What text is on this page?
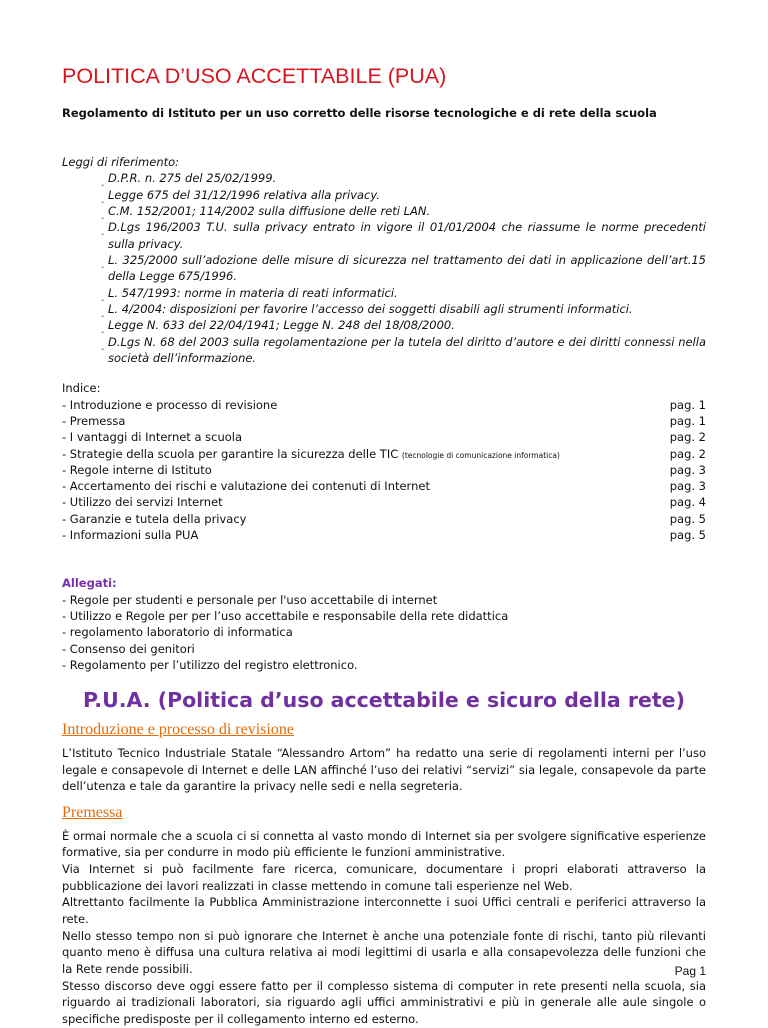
POLITICA D’USO ACCETTABILE (PUA)
Regolamento di Istituto per un uso corretto delle risorse tecnologiche e di rete della scuola
Leggi di riferimento:
¸ D.P.R. n. 275 del 25/02/1999.
¸ Legge 675 del 31/12/1996 relativa alla privacy.
¸ C.M. 152/2001; 114/2002 sulla diffusione delle reti LAN.
¸ D.Lgs 196/2003 T.U. sulla privacy entrato in vigore il 01/01/2004 che riassume le norme precedenti sulla privacy.
¸ L. 325/2000 sull’adozione delle misure di sicurezza nel trattamento dei dati in applicazione dell’art.15 della Legge 675/1996.
¸ L. 547/1993: norme in materia di reati informatici.
¸ L. 4/2004: disposizioni per favorire l’accesso dei soggetti disabili agli strumenti informatici.
¸ Legge N. 633 del 22/04/1941; Legge N. 248 del 18/08/2000.
¸ D.Lgs N. 68 del 2003 sulla regolamentazione per la tutela del diritto d’autore e dei diritti connessi nella società dell’informazione.
Indice:
- Introduzione e processo di revisione	pag. 1
- Premessa	pag. 1
- I vantaggi di Internet a scuola	pag. 2
- Strategie della scuola per garantire la sicurezza delle TIC (tecnologie di comunicazione informatica)	pag. 2
- Regole interne di Istituto	pag. 3
- Accertamento dei rischi e valutazione dei contenuti di Internet	pag. 3
- Utilizzo dei servizi Internet	pag. 4
- Garanzie e tutela della privacy	pag. 5
- Informazioni sulla PUA	pag. 5
Allegati:
- Regole per studenti e personale per l'uso accettabile di internet
- Utilizzo e Regole per per l’uso accettabile e responsabile della rete didattica
- regolamento laboratorio di informatica
- Consenso dei genitori
- Regolamento per l’utilizzo del registro elettronico.
P.U.A. (Politica d’uso accettabile e sicuro della rete)
Introduzione e processo di revisione

L’Istituto Tecnico Industriale Statale “Alessandro Artom” ha redatto una serie di regolamenti interni per l’uso legale e consapevole di Internet e delle LAN affinché l’uso dei relativi “servizi” sia legale, consapevole da parte dell’utenza e tale da garantire la privacy nelle sedi e nella segreteria.

Premessa

È ormai normale che a scuola ci si connetta al vasto mondo di Internet sia per svolgere significative esperienze formative, sia per condurre in modo più efficiente le funzioni amministrative.

Via Internet si può facilmente fare ricerca, comunicare, documentare i propri elaborati attraverso la pubblicazione dei lavori realizzati in classe mettendo in comune tali esperienze nel Web.

Altrettanto facilmente la Pubblica Amministrazione interconnette i suoi Uffici centrali e periferici attraverso la rete.

Nello stesso tempo non si può ignorare che Internet è anche una potenziale fonte di rischi, tanto più rilevanti quanto meno è diffusa una cultura relativa ai modi legittimi di usarla e alla consapevolezza delle funzioni che la Rete rende possibili.

Stesso discorso deve oggi essere fatto per il complesso sistema di computer in rete presenti nella scuola, sia riguardo ai tradizionali laboratori, sia riguardo agli uffici amministrativi e più in generale alle aule singole o specifiche predisposte per il collegamento interno ed esterno.

Pag 1
